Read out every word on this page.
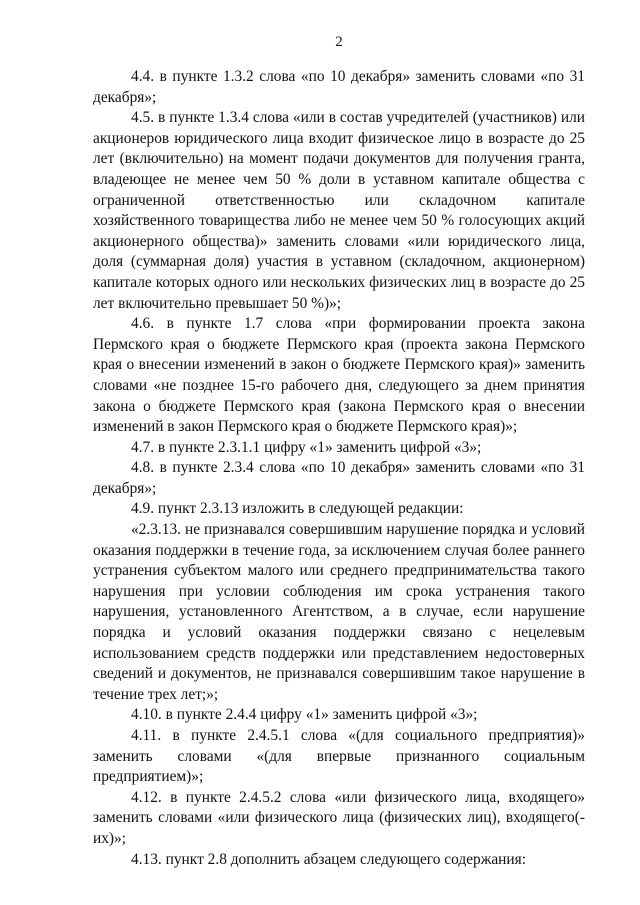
2

4.4. в пункте 1.3.2 слова «по 10 декабря» заменить словами «по 31 декабря»;

4.5. в пункте 1.3.4 слова «или в состав учредителей (участников) или акционеров юридического лица входит физическое лицо в возрасте до 25 лет (включительно) на момент подачи документов для получения гранта, владеющее не менее чем 50 % доли в уставном капитале общества с ограниченной ответственностью или складочном капитале хозяйственного товарищества либо не менее чем 50 % голосующих акций акционерного общества)» заменить словами «или юридического лица, доля (суммарная доля) участия в уставном (складочном, акционерном) капитале которых одного или нескольких физических лиц в возрасте до 25 лет включительно превышает 50 %)»;

4.6. в пункте 1.7 слова «при формировании проекта закона Пермского края о бюджете Пермского края (проекта закона Пермского края о внесении изменений в закон о бюджете Пермского края)» заменить словами «не позднее 15-го рабочего дня, следующего за днем принятия закона о бюджете Пермского края (закона Пермского края о внесении изменений в закон Пермского края о бюджете Пермского края)»;

4.7. в пункте 2.3.1.1 цифру «1» заменить цифрой «3»;

4.8. в пункте 2.3.4 слова «по 10 декабря» заменить словами «по 31 декабря»;

4.9. пункт 2.3.13 изложить в следующей редакции:

«2.3.13. не признавался совершившим нарушение порядка и условий оказания поддержки в течение года, за исключением случая более раннего устранения субъектом малого или среднего предпринимательства такого нарушения при условии соблюдения им срока устранения такого нарушения, установленного Агентством, а в случае, если нарушение порядка и условий оказания поддержки связано с нецелевым использованием средств поддержки или представлением недостоверных сведений и документов, не признавался совершившим такое нарушение в течение трех лет;»;

4.10. в пункте 2.4.4 цифру «1» заменить цифрой «3»;

4.11. в пункте 2.4.5.1 слова «(для социального предприятия)» заменить словами «(для впервые признанного социальным предприятием)»;

4.12. в пункте 2.4.5.2 слова «или физического лица, входящего» заменить словами «или физического лица (физических лиц), входящего(-их)»;

4.13. пункт 2.8 дополнить абзацем следующего содержания:
